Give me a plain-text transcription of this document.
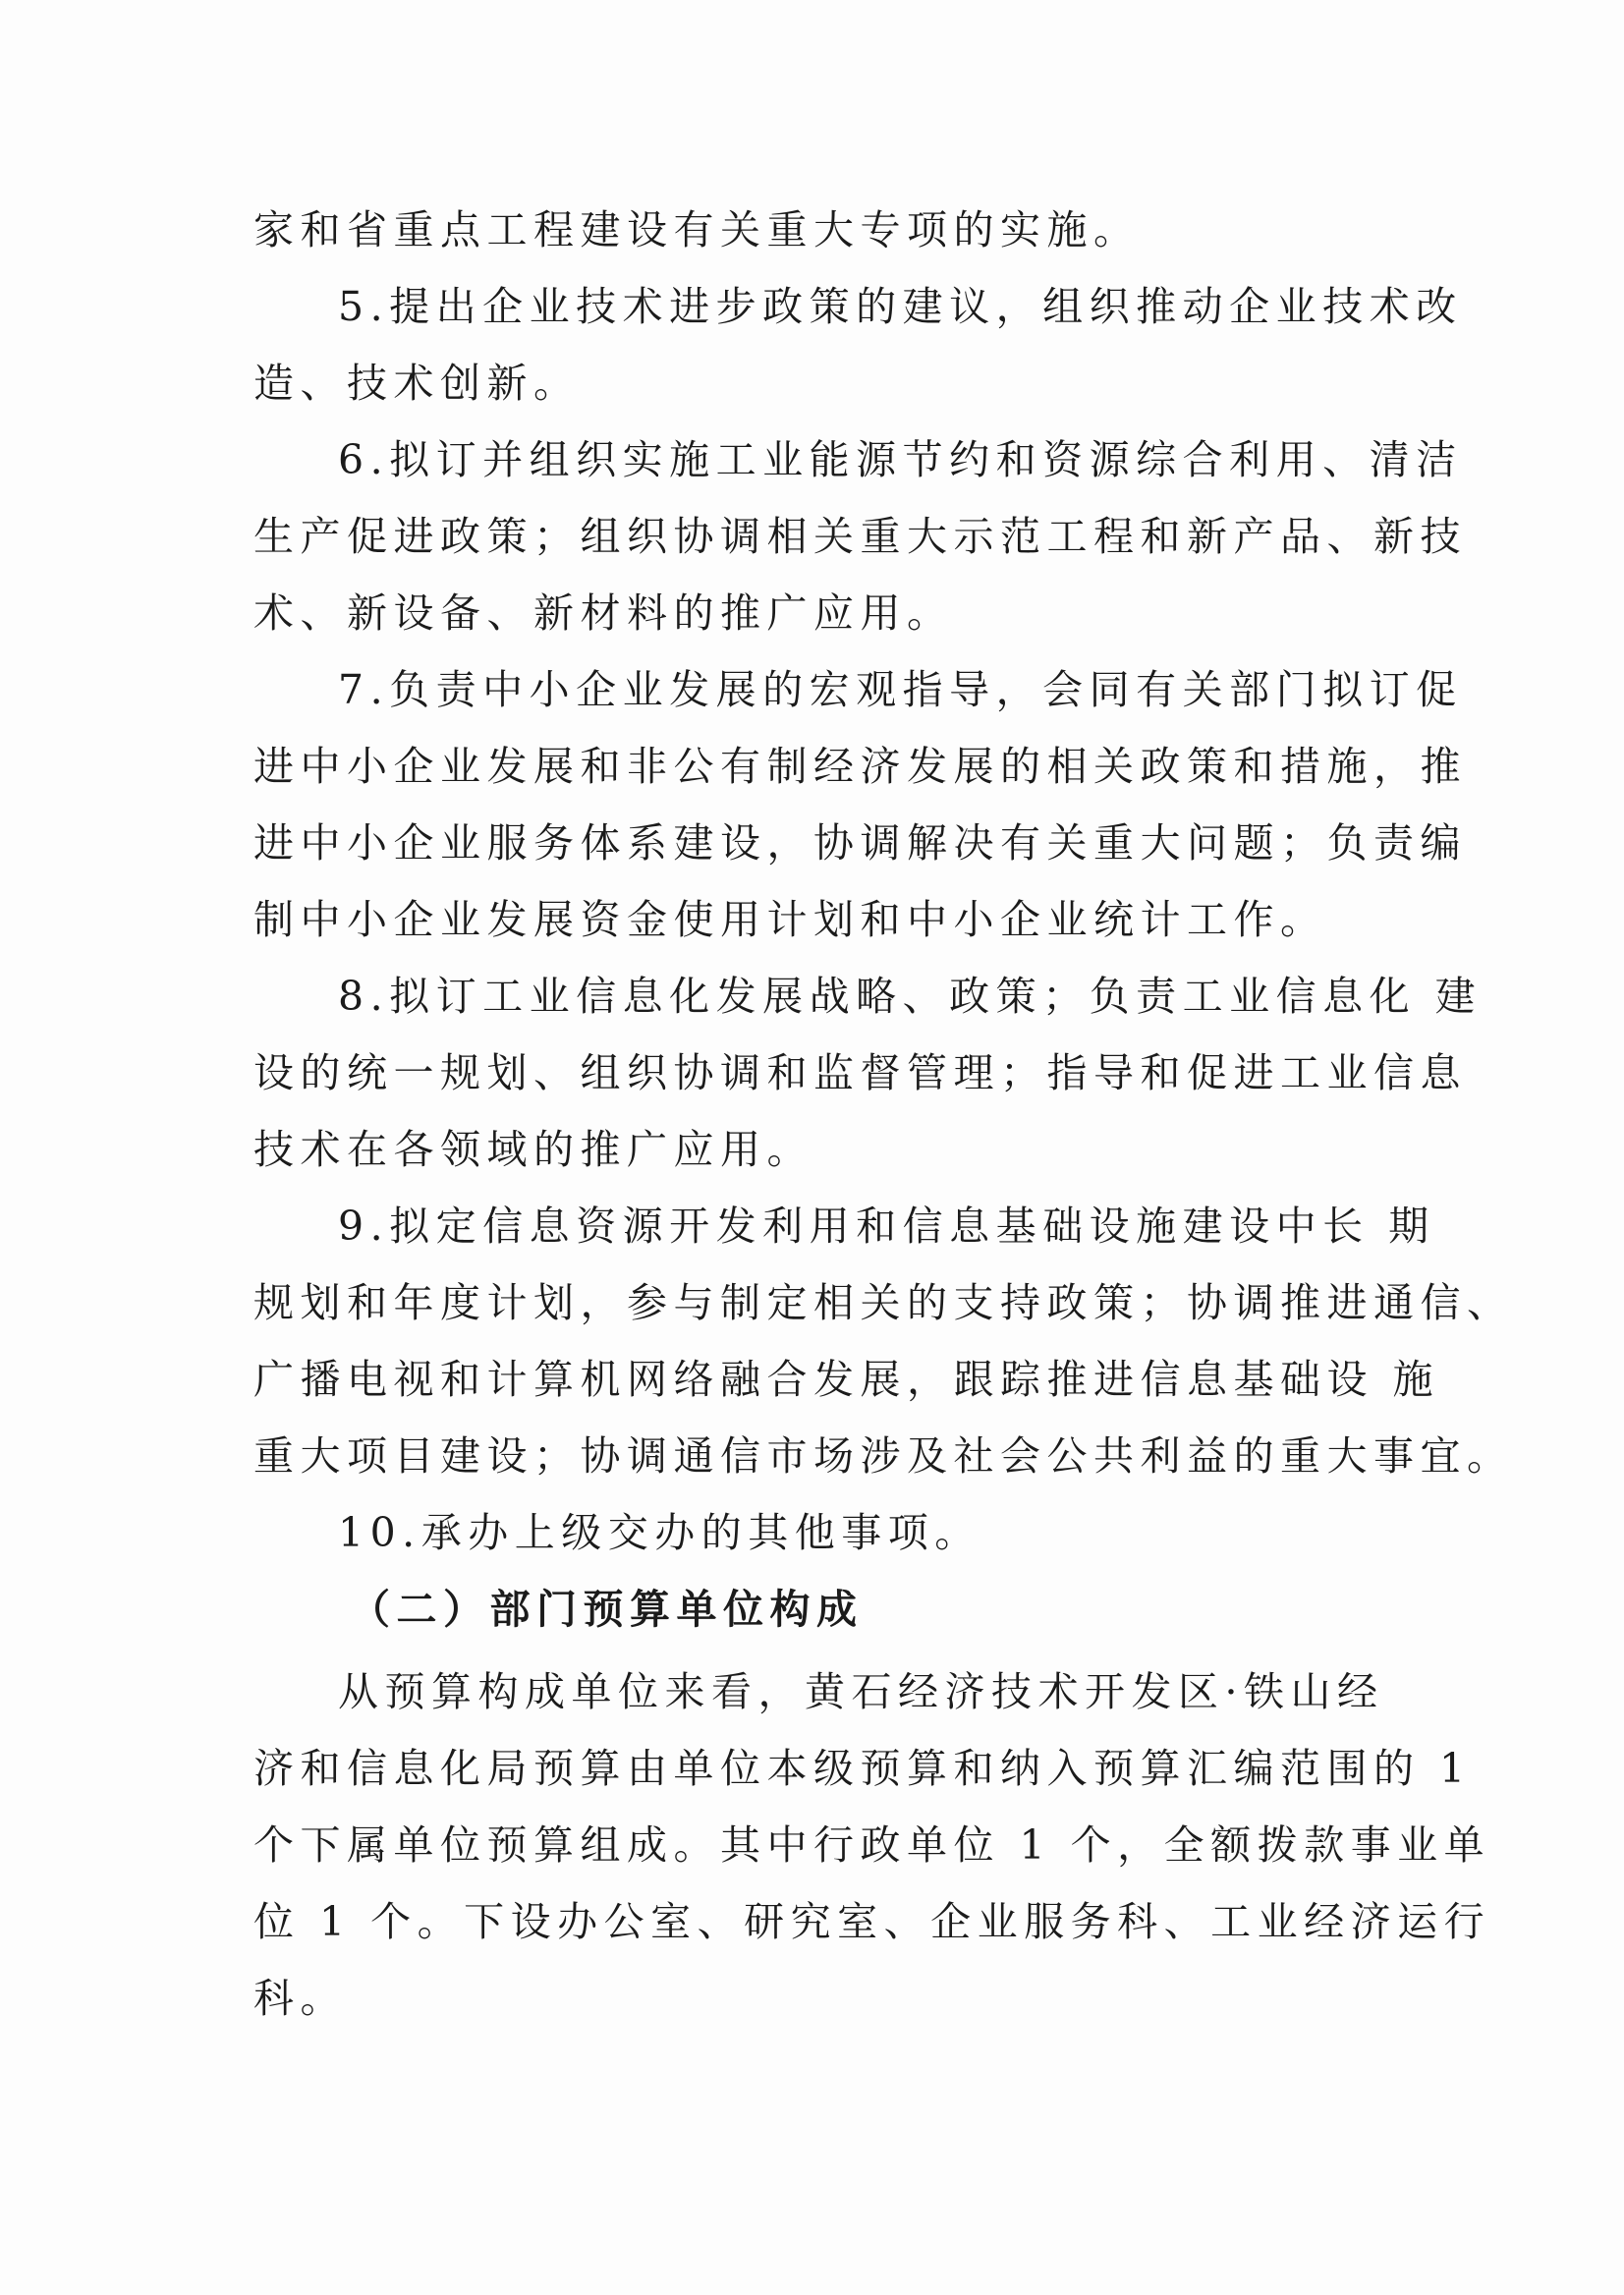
家和省重点工程建设有关重大专项的实施。
5.提出企业技术进步政策的建议，组织推动企业技术改
造、技术创新。
6.拟订并组织实施工业能源节约和资源综合利用、清洁
生产促进政策；组织协调相关重大示范工程和新产品、新技
术、新设备、新材料的推广应用。
7.负责中小企业发展的宏观指导，会同有关部门拟订促
进中小企业发展和非公有制经济发展的相关政策和措施，推
进中小企业服务体系建设，协调解决有关重大问题；负责编
制中小企业发展资金使用计划和中小企业统计工作。
8.拟订工业信息化发展战略、政策；负责工业信息化 建
设的统一规划、组织协调和监督管理；指导和促进工业信息
技术在各领域的推广应用。
9.拟定信息资源开发利用和信息基础设施建设中长 期
规划和年度计划，参与制定相关的支持政策；协调推进通信、
广播电视和计算机网络融合发展，跟踪推进信息基础设 施
重大项目建设；协调通信市场涉及社会公共利益的重大事宜。
10.承办上级交办的其他事项。
（二）部门预算单位构成
从预算构成单位来看，黄石经济技术开发区·铁山经
济和信息化局预算由单位本级预算和纳入预算汇编范围的 1
个下属单位预算组成。其中行政单位 1 个，全额拨款事业单
位 1 个。下设办公室、研究室、企业服务科、工业经济运行
科。
